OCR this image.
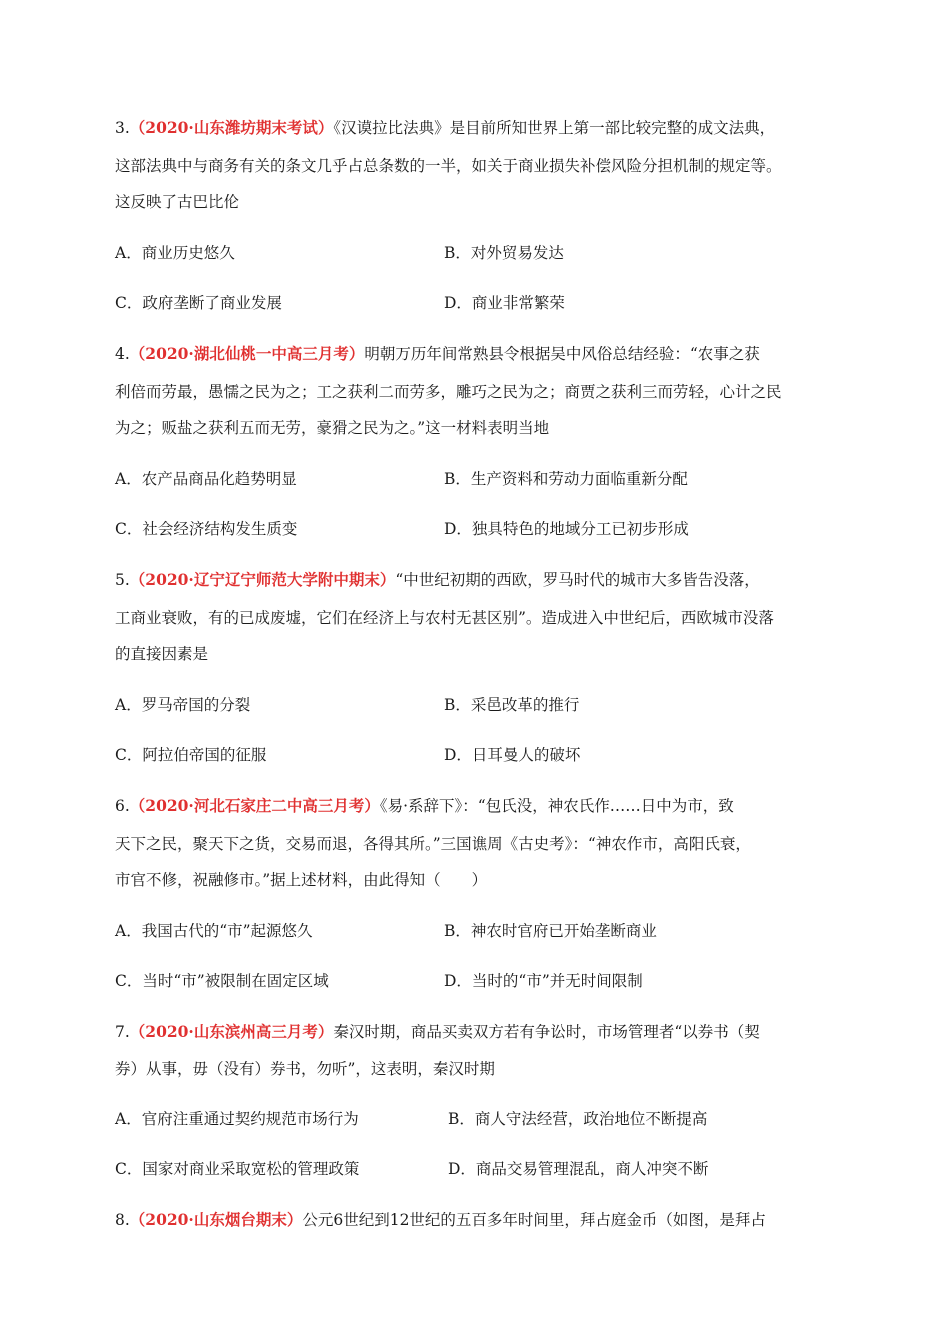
3.（2020·山东潍坊期末考试）《汉谟拉比法典》是目前所知世界上第一部比较完整的成文法典，
这部法典中与商务有关的条文几乎占总条数的一半，如关于商业损失补偿风险分担机制的规定等。
这反映了古巴比伦
A．商业历史悠久	B．对外贸易发达
C．政府垄断了商业发展	D．商业非常繁荣
4.（2020·湖北仙桃一中高三月考）明朝万历年间常熟县令根据吴中风俗总结经验：“农事之获
利倍而劳最，愚懦之民为之；工之获利二而劳多，雕巧之民为之；商贾之获利三而劳轻，心计之民
为之；贩盐之获利五而无劳，豪猾之民为之。”这一材料表明当地
A．农产品商品化趋势明显	B．生产资料和劳动力面临重新分配
C．社会经济结构发生质变	D．独具特色的地域分工已初步形成
5.（2020·辽宁辽宁师范大学附中期末）“中世纪初期的西欧，罗马时代的城市大多皆告没落，
工商业衰败，有的已成废墟，它们在经济上与农村无甚区别”。造成进入中世纪后，西欧城市没落
的直接因素是
A．罗马帝国的分裂	B．采邑改革的推行
C．阿拉伯帝国的征服	D．日耳曼人的破坏
6.（2020·河北石家庄二中高三月考）《易·系辞下》：“包氏没，神农氏作……日中为市，致
天下之民，聚天下之货，交易而退，各得其所。”三国谯周《古史考》：“神农作市，高阳氏衰，
市官不修，祝融修市。”据上述材料，由此得知（　　）
A．我国古代的“市”起源悠久	B．神农时官府已开始垄断商业
C．当时“市”被限制在固定区域	D．当时的“市”并无时间限制
7.（2020·山东滨州高三月考）秦汉时期，商品买卖双方若有争讼时，市场管理者“以券书（契
券）从事，毋（没有）券书，勿听”，这表明，秦汉时期
A．官府注重通过契约规范市场行为	B．商人守法经营，政治地位不断提高
C．国家对商业采取宽松的管理政策	D．商品交易管理混乱，商人冲突不断
8.（2020·山东烟台期末）公元6世纪到12世纪的五百多年时间里，拜占庭金币（如图，是拜占
